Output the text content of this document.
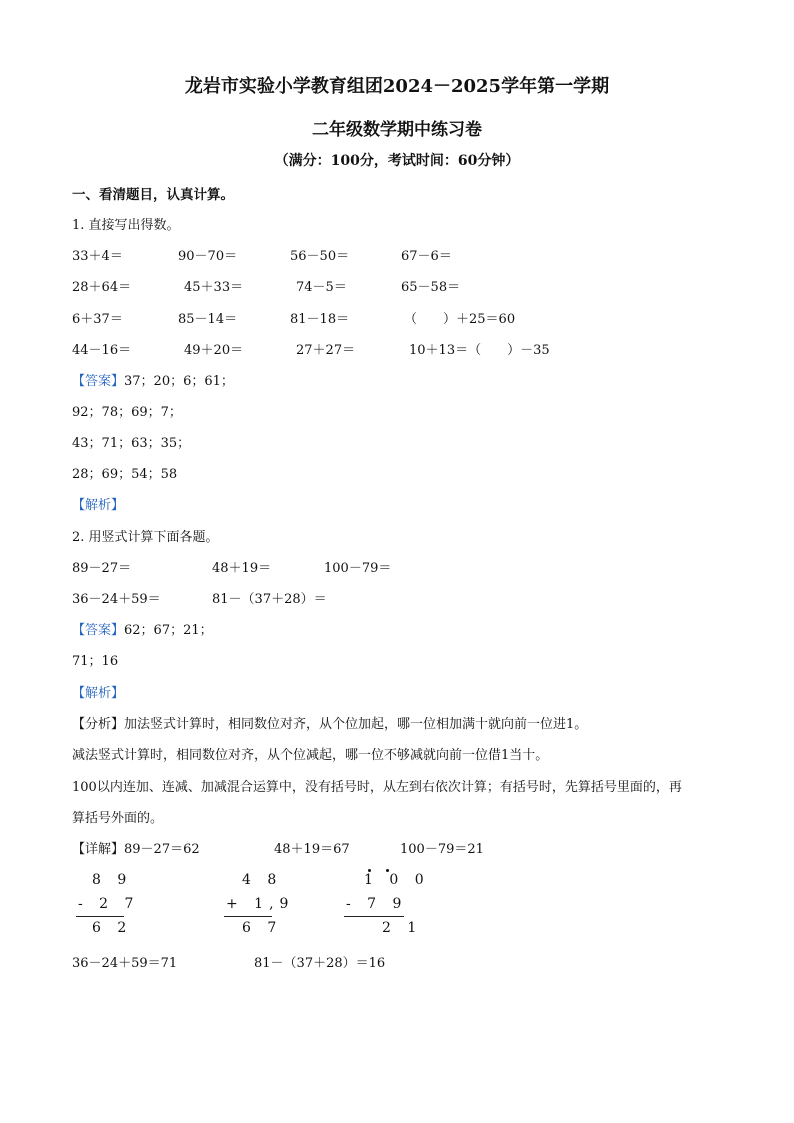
龙岩市实验小学教育组团2024－2025学年第一学期
二年级数学期中练习卷
（满分：100分，考试时间：60分钟）
一、看清题目，认真计算。
1. 直接写出得数。
33＋4＝	90－70＝	56－50＝	67－6＝
28＋64＝	45＋33＝	74－5＝	65－58＝
6＋37＝	85－14＝	81－18＝	（　　）＋25＝60
44－16＝	49＋20＝	27＋27＝	10＋13＝（　　）－35
【答案】37；20；6；61；
92；78；69；7；
43；71；63；35；
28；69；54；58
【解析】
2. 用竖式计算下面各题。
89－27＝	48＋19＝	100－79＝
36－24＋59＝	81－（37＋28）＝
【答案】62；67；21；
71；16
【解析】
【分析】加法竖式计算时，相同数位对齐，从个位加起，哪一位相加满十就向前一位进1。
减法竖式计算时，相同数位对齐，从个位减起，哪一位不够减就向前一位借1当十。
100以内连加、连减、加减混合运算中，没有括号时，从左到右依次计算；有括号时，先算括号里面的，再
算括号外面的。
【详解】89－27＝62	48＋19＝67	100－79＝21
8 9
- 2 7
6 2
4 8
+ 1,9
6 7
1 0 0
- 7 9
2 1
36－24＋59＝71	81－（37＋28）＝16
